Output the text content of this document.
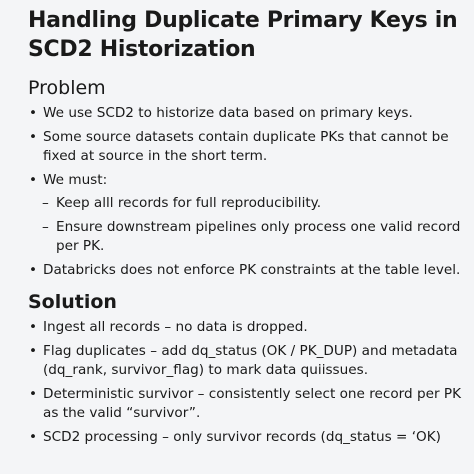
Handling Duplicate Primary Keys in SCD2 Historization
Problem
• We use SCD2 to historize data based on primary keys.
• Some source datasets contain duplicate PKs that cannot be fixed at source in the short term.
• We must:
– Keep alll records for full reproducibility.
– Ensure downstream pipelines only process one valid record per PK.
• Databricks does not enforce PK constraints at the table level.
Solution
• Ingest all records – no data is dropped.
• Flag duplicates – add dq_status (OK / PK_DUP) and metadata (dq_rank, survivor_flag) to mark data quiissues.
• Deterministic survivor – consistently select one record per PK as the valid “survivor”.
• SCD2 processing – only survivor records (dq_status = ‘OK)
